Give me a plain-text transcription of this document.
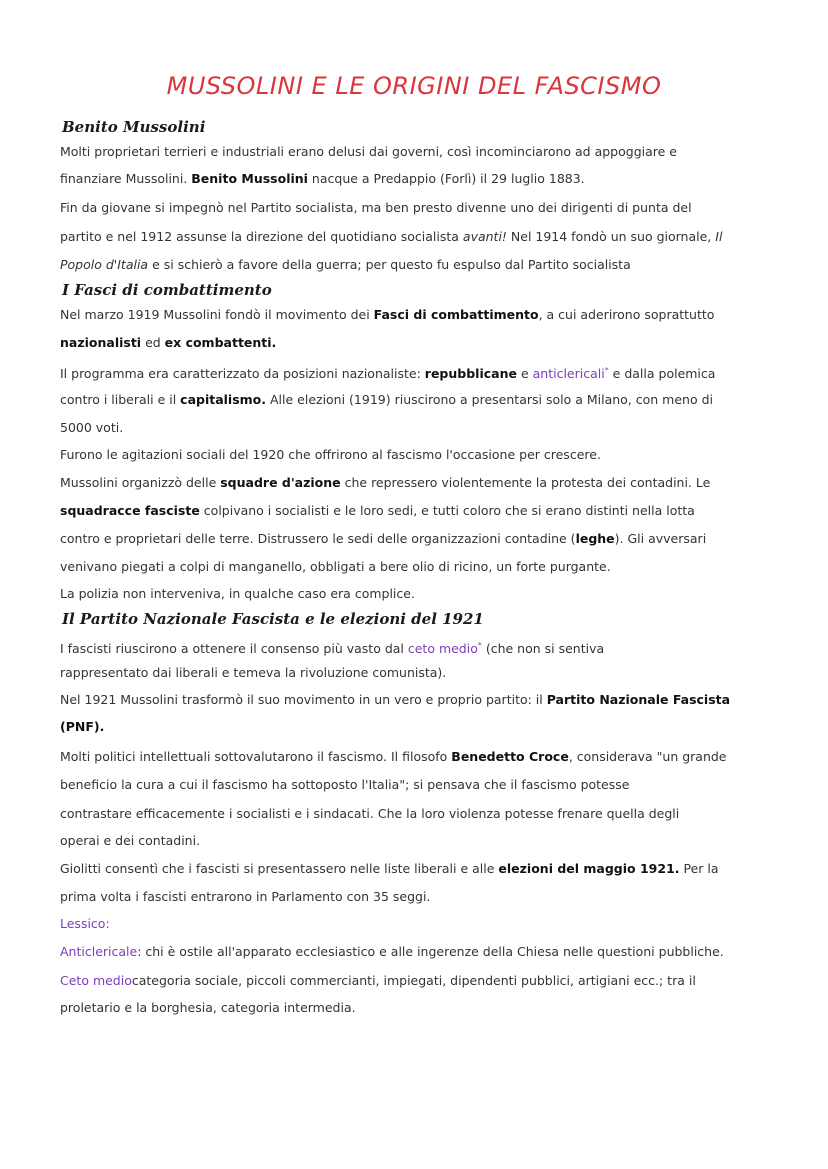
MUSSOLINI E LE ORIGINI DEL FASCISMO
Benito Mussolini
Molti proprietari terrieri e industriali erano delusi dai governi, così incominciarono ad appoggiare e
finanziare Mussolini. Benito Mussolini nacque a Predappio (Forlì) il 29 luglio 1883.
Fin da giovane si impegnò nel Partito socialista, ma ben presto divenne uno dei dirigenti di punta del
partito e nel 1912 assunse la direzione del quotidiano socialista avanti! Nel 1914 fondò un suo giornale, Il
Popolo d'Italia e si schierò a favore della guerra; per questo fu espulso dal Partito socialista
I Fasci di combattimento
Nel marzo 1919 Mussolini fondò il movimento dei Fasci di combattimento, a cui aderirono soprattutto
nazionalisti ed ex combattenti.
Il programma era caratterizzato da posizioni nazionaliste: repubblicane e anticlericali* e dalla polemica
contro i liberali e il capitalismo. Alle elezioni (1919) riuscirono a presentarsi solo a Milano, con meno di
5000 voti.
Furono le agitazioni sociali del 1920 che offrirono al fascismo l'occasione per crescere.
Mussolini organizzò delle squadre d'azione che repressero violentemente la protesta dei contadini. Le
squadracce fasciste colpivano i socialisti e le loro sedi, e tutti coloro che si erano distinti nella lotta
contro e proprietari delle terre. Distrussero le sedi delle organizzazioni contadine (leghe). Gli avversari
venivano piegati a colpi di manganello, obbligati a bere olio di ricino, un forte purgante.
La polizia non interveniva, in qualche caso era complice.
Il Partito Nazionale Fascista e le elezioni del 1921
I fascisti riuscirono a ottenere il consenso più vasto dal ceto medio* (che non si sentiva
rappresentato dai liberali e temeva la rivoluzione comunista).
Nel 1921 Mussolini trasformò il suo movimento in un vero e proprio partito: il Partito Nazionale Fascista
(PNF).
Molti politici intellettuali sottovalutarono il fascismo. Il filosofo Benedetto Croce, considerava "un grande
beneficio la cura a cui il fascismo ha sottoposto l'Italia"; si pensava che il fascismo potesse
contrastare efficacemente i socialisti e i sindacati. Che la loro violenza potesse frenare quella degli
operai e dei contadini.
Giolitti consentì che i fascisti si presentassero nelle liste liberali e alle elezioni del maggio 1921. Per la
prima volta i fascisti entrarono in Parlamento con 35 seggi.
Lessico:
Anticlericale: chi è ostile all'apparato ecclesiastico e alle ingerenze della Chiesa nelle questioni pubbliche.
Ceto mediocategoria sociale, piccoli commercianti, impiegati, dipendenti pubblici, artigiani ecc.; tra il
proletario e la borghesia, categoria intermedia.
